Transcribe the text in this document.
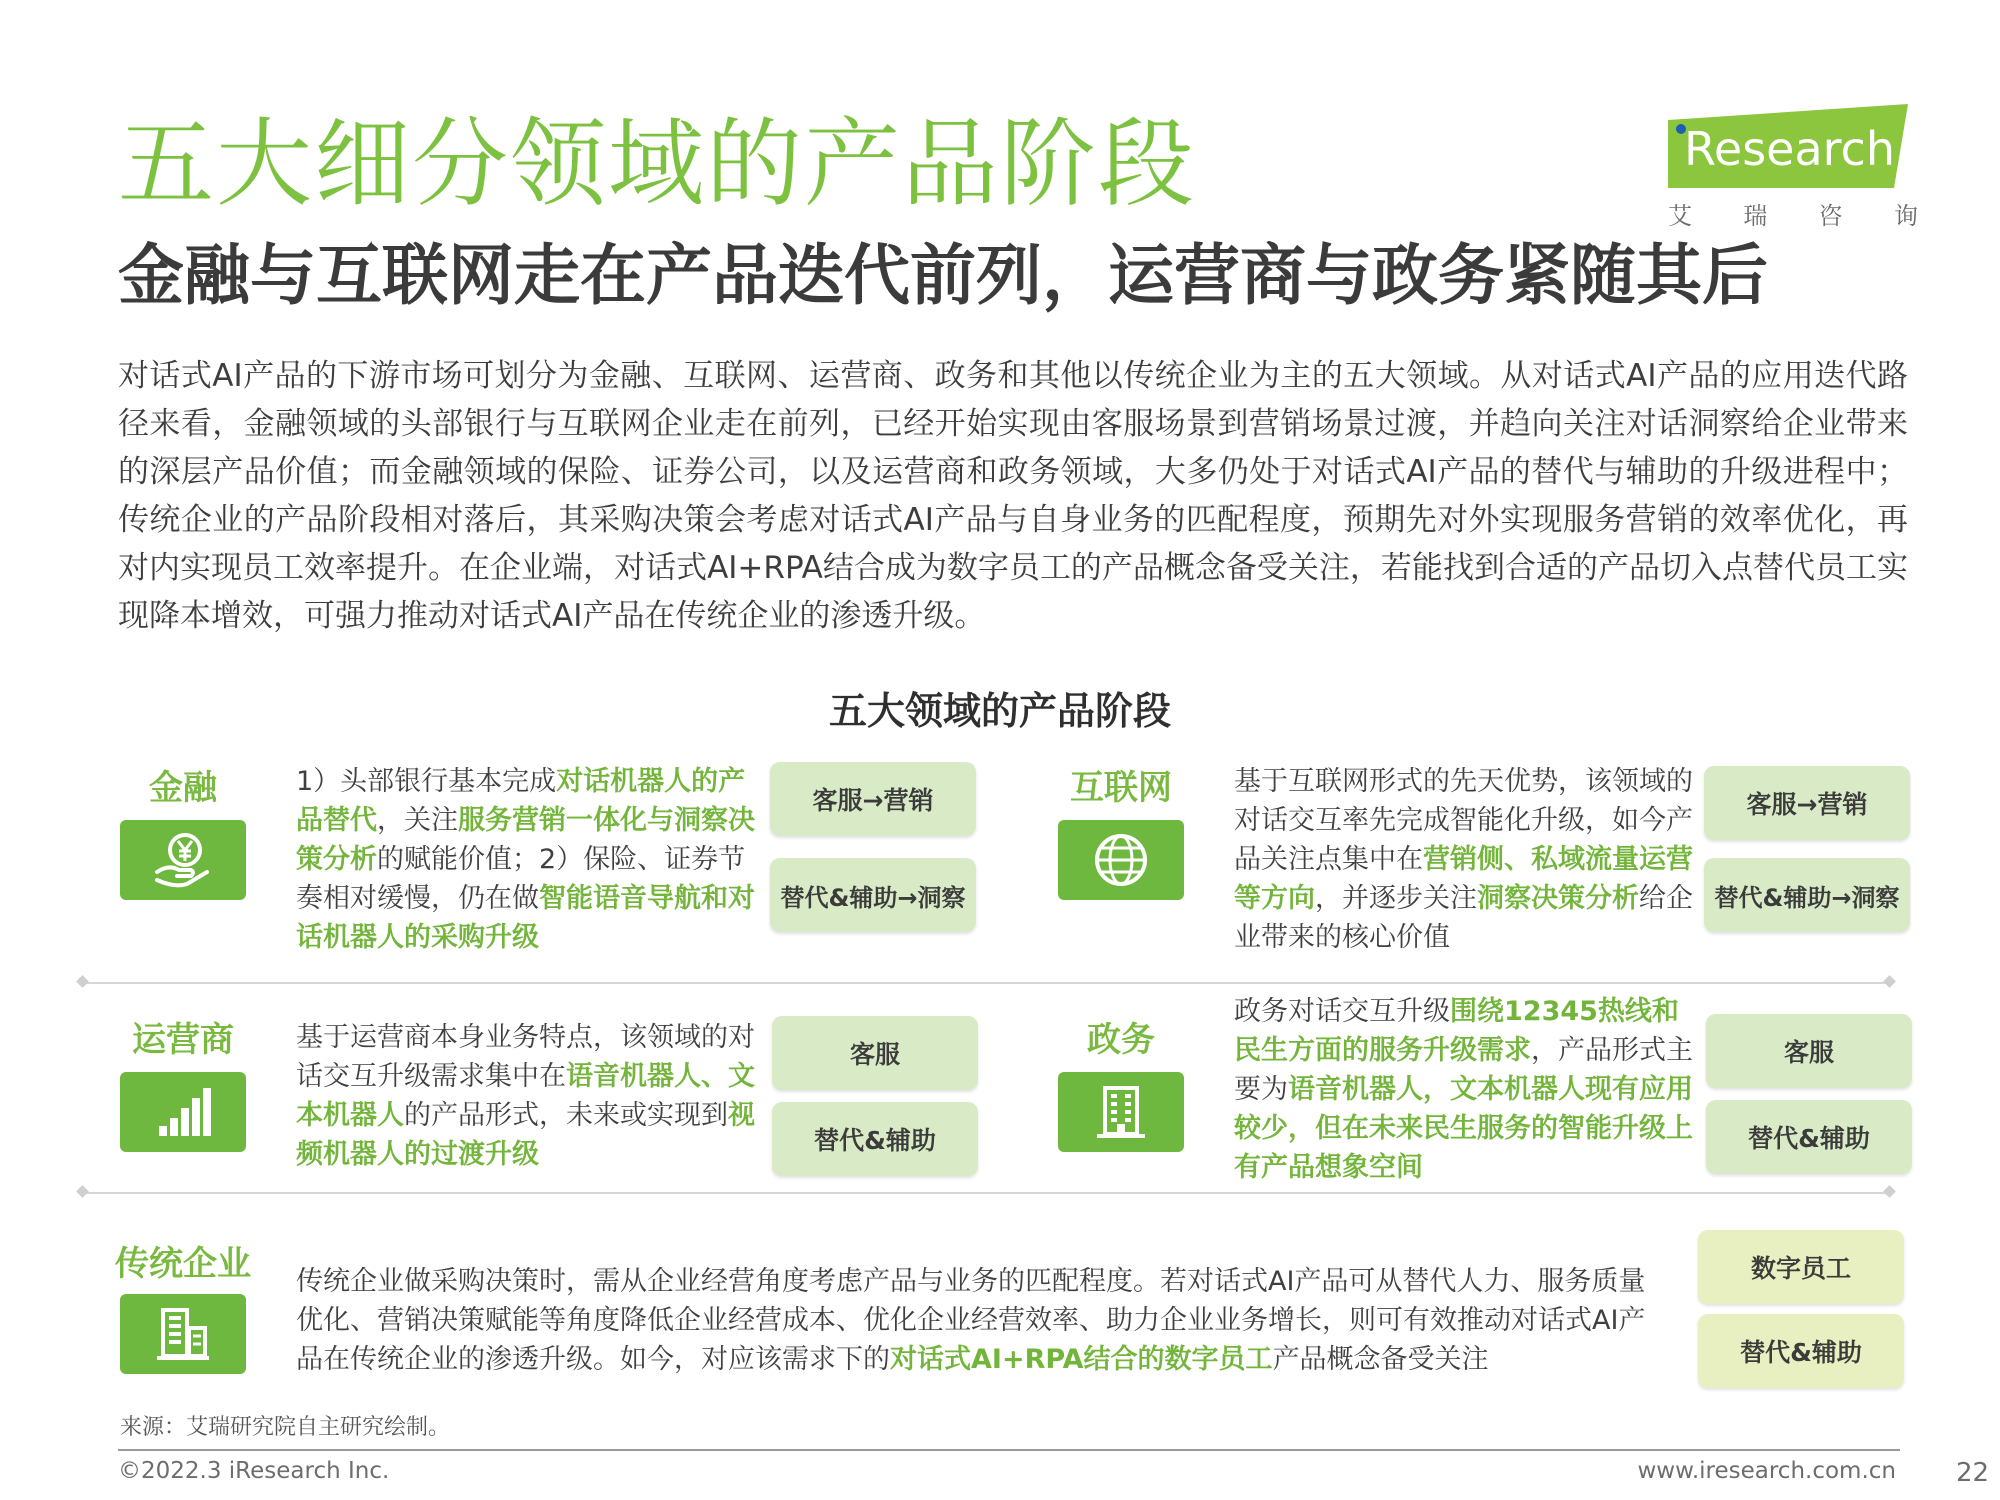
五大细分领域的产品阶段
金融与互联网走在产品迭代前列，运营商与政务紧随其后
Research
艾 瑞 咨 询

对话式AI产品的下游市场可划分为金融、互联网、运营商、政务和其他以传统企业为主的五大领域。从对话式AI产品的应用迭代路径来看，金融领域的头部银行与互联网企业走在前列，已经开始实现由客服场景到营销场景过渡，并趋向关注对话洞察给企业带来的深层产品价值；而金融领域的保险、证券公司，以及运营商和政务领域，大多仍处于对话式AI产品的替代与辅助的升级进程中；传统企业的产品阶段相对落后，其采购决策会考虑对话式AI产品与自身业务的匹配程度，预期先对外实现服务营销的效率优化，再对内实现员工效率提升。在企业端，对话式AI+RPA结合成为数字员工的产品概念备受关注，若能找到合适的产品切入点替代员工实现降本增效，可强力推动对话式AI产品在传统企业的渗透升级。

五大领域的产品阶段
金融	1）头部银行基本完成对话机器人的产品替代，关注服务营销一体化与洞察决策分析的赋能价值；2）保险、证券节奏相对缓慢，仍在做智能语音导航和对话机器人的采购升级
客服→营销
替代&辅助→洞察
互联网	基于互联网形式的先天优势，该领域的对话交互率先完成智能化升级，如今产品关注点集中在营销侧、私域流量运营等方向，并逐步关注洞察决策分析给企业带来的核心价值
客服→营销
替代&辅助→洞察
运营商	基于运营商本身业务特点，该领域的对话交互升级需求集中在语音机器人、文本机器人的产品形式，未来或实现到视频机器人的过渡升级
客服
替代&辅助
政务
政务对话交互升级围绕12345热线和民生方面的服务升级需求，产品形式主要为语音机器人，文本机器人现有应用较少，但在未来民生服务的智能升级上有产品想象空间
客服
替代&辅助
传统企业 传统企业做采购决策时，需从企业经营角度考虑产品与业务的匹配程度。若对话式AI产品可从替代人力、服务质量优化、营销决策赋能等角度降低企业经营成本、优化企业经营效率、助力企业业务增长，则可有效推动对话式AI产品在传统企业的渗透升级。如今，对应该需求下的对话式AI+RPA结合的数字员工产品概念备受关注
数字员工
替代&辅助
来源：艾瑞研究院自主研究绘制。
©2022.3 iResearch Inc.	www.iresearch.com.cn 22
